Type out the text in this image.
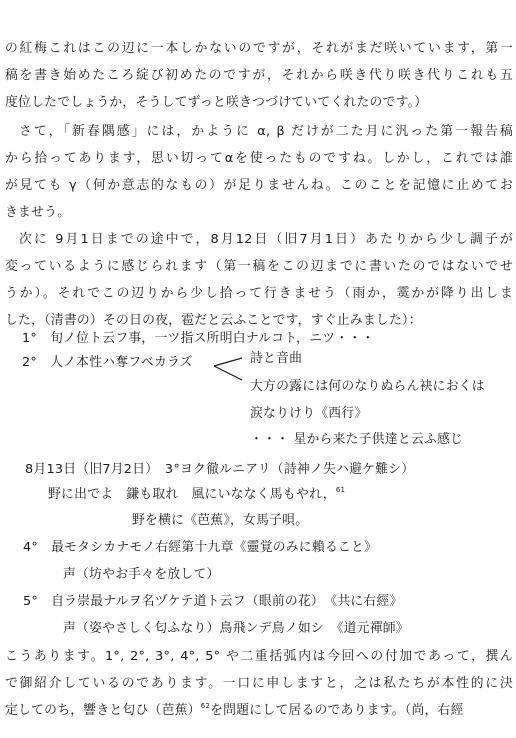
の紅梅これはこの辺に一本しかないのですが，それがまだ咲いています，第一
稿を書き始めたころ綻び初めたのですが，それから咲き代り咲き代りこれも五
度位したでしょうか，そうしてずっと咲きつづけていてくれたのです。）
さて，「新春隅感」には，かように α, β だけが二た月に汎った第一報告稿
から拾ってあります，思い切ってαを使ったものですね。しかし，これでは誰
が見ても γ（何か意志的なもの）が足りませんね。このことを記憶に止めてお
きませう。
次に 9月1日までの途中で，8月12日（旧7月1日）あたりから少し調子が
変っているように感じられます（第一稿をこの辺までに書いたのではないでせ
うか）。それでこの辺りから少し拾って行きませう（雨か，霙かが降り出しま
した，（清書の）その日の夜，雹だと云ふことです，すぐ止みました）：
1°　旬ノ位ト云フ事，一ツ指ス所明白ナルコト，ニツ・・・
2°　人ノ本性ハ奪フベカラズ	詩と音曲
大方の露には何のなりぬらん袂におくは
涙なりけり《西行》
・・・ 星から来た子供達と云ふ感じ
8月13日（旧7月2日）　3°ヨク徹ルニアリ（詩神ノ失ハ避ケ難シ）
野に出でよ　鎌も取れ　風にいななく馬もやれ，$^{61}$
野を横に《芭蕉》，女馬子唄。
4°　最モタシカナモノ右經第十九章《靈覚のみに賴ること》
声（坊やお手々を放して）
5°　自ラ崇最ナルヲ名ヅケテ道ト云フ（眼前の花）　《共に右經》
声（姿やさしく匂ふなり）鳥飛ンデ鳥ノ如シ　《道元禪師》
こうあります。1°, 2°, 3°, 4°, 5° や二重括弧内は今回への付加であって，撰ん
で御紹介しているのであります。一口に申しますと，之は私たちが本性的に決
定してのち，響きと匂ひ（芭蕉）$^{62}$を問題にして居るのであります。（尚，右經
